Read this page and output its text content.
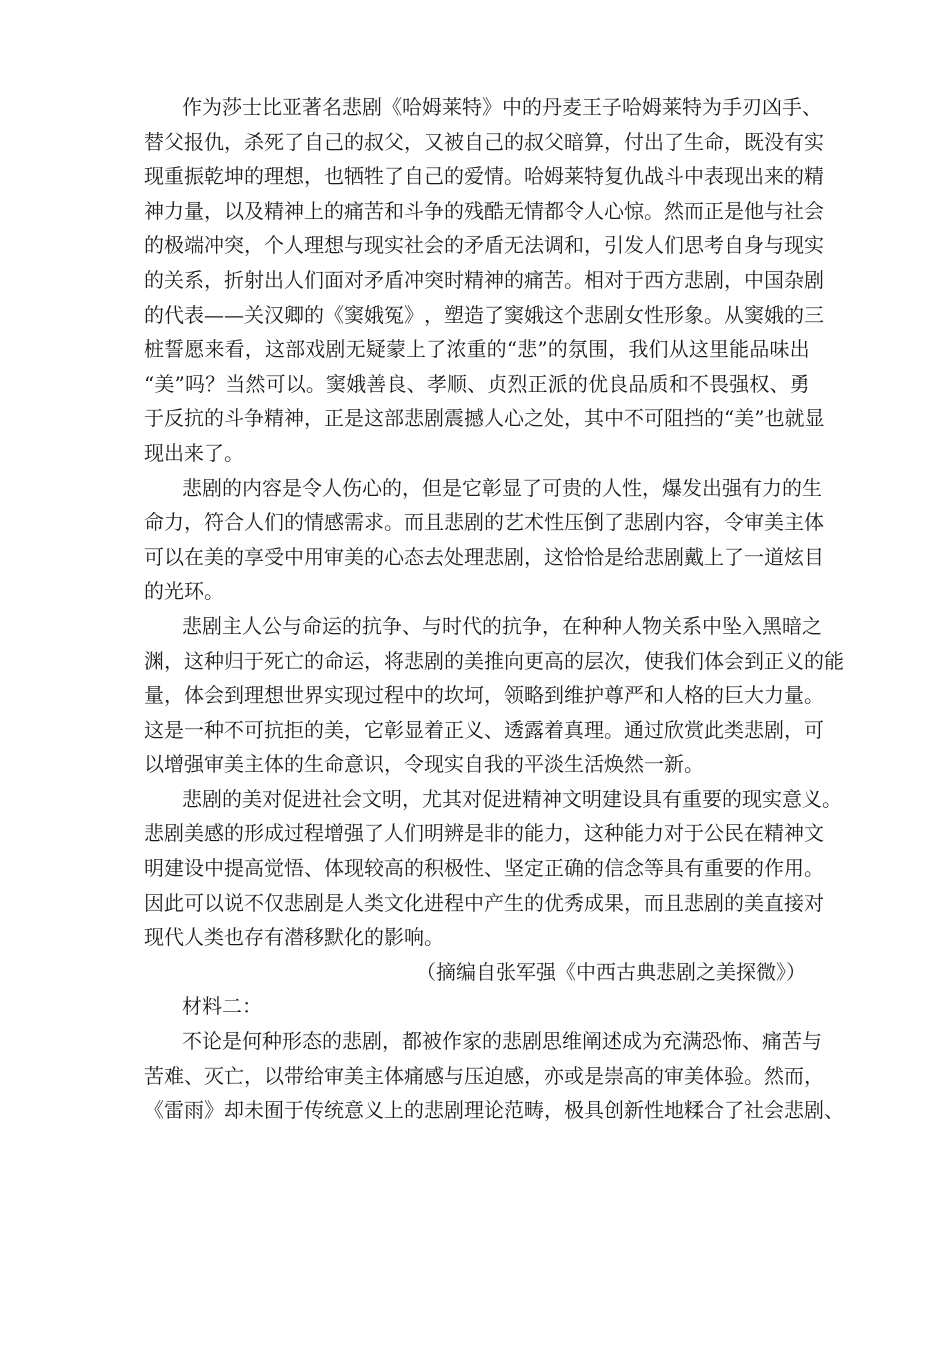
作 为 莎 士 比 亚 著 名 悲 剧 《 哈 姆 莱 特 》 中 的 丹 麦 王 子 哈 姆 莱 特 为 手 刃 凶 手 、
替 父 报 仇 ， 杀 死 了 自 己 的 叔 父 ， 又 被 自 己 的 叔 父 暗 算 ， 付 出 了 生 命 ， 既 没 有 实
现 重 振 乾 坤 的 理 想 ， 也 牺 牲 了 自 己 的 爱 情 。 哈 姆 莱 特 复 仇 战 斗 中 表 现 出 来 的 精
神 力 量 ， 以 及 精 神 上 的 痛 苦 和 斗 争 的 残 酷 无 情 都 令 人 心 惊 。 然 而 正 是 他 与 社 会
的 极 端 冲 突 ， 个 人 理 想 与 现 实 社 会 的 矛 盾 无 法 调 和 ， 引 发 人 们 思 考 自 身 与 现 实
的 关 系 ， 折 射 出 人 们 面 对 矛 盾 冲 突 时 精 神 的 痛 苦 。 相 对 于 西 方 悲 剧 ， 中 国 杂 剧
的 代 表 — — 关 汉 卿 的 《 窦 娥 冤 》 ， 塑 造 了 窦 娥 这 个 悲 剧 女 性 形 象 。 从 窦 娥 的 三
桩 誓 愿 来 看 ， 这 部 戏 剧 无 疑 蒙 上 了 浓 重 的 “ 悲 ” 的 氛 围 ， 我 们 从 这 里 能 品 味 出
“ 美 ” 吗 ？ 当 然 可 以 。 窦 娥 善 良 、 孝 顺 、 贞 烈 正 派 的 优 良 品 质 和 不 畏 强 权 、 勇
于 反 抗 的 斗 争 精 神 ， 正 是 这 部 悲 剧 震 撼 人 心 之 处 ， 其 中 不 可 阻 挡 的 “ 美 ” 也 就 显
现出来了。
悲 剧 的 内 容 是 令 人 伤 心 的 ， 但 是 它 彰 显 了 可 贵 的 人 性 ， 爆 发 出 强 有 力 的 生
命 力 ， 符 合 人 们 的 情 感 需 求 。 而 且 悲 剧 的 艺 术 性 压 倒 了 悲 剧 内 容 ， 令 审 美 主 体
可 以 在 美 的 享 受 中 用 审 美 的 心 态 去 处 理 悲 剧 ， 这 恰 恰 是 给 悲 剧 戴 上 了 一 道 炫 目
的光环。
悲 剧 主 人 公 与 命 运 的 抗 争 、 与 时 代 的 抗 争 ， 在 种 种 人 物 关 系 中 坠 入 黑 暗 之
渊 ， 这 种 归 于 死 亡 的 命 运 ， 将 悲 剧 的 美 推 向 更 高 的 层 次 ， 使 我 们 体 会 到 正 义 的 能
量 ， 体 会 到 理 想 世 界 实 现 过 程 中 的 坎 坷 ， 领 略 到 维 护 尊 严 和 人 格 的 巨 大 力 量 。
这 是 一 种 不 可 抗 拒 的 美 ， 它 彰 显 着 正 义 、 透 露 着 真 理 。 通 过 欣 赏 此 类 悲 剧 ， 可
以增强审美主体的生命意识，令现实自我的平淡生活焕然一新。
悲 剧 的 美 对 促 进 社 会 文 明 ， 尤 其 对 促 进 精 神 文 明 建 设 具 有 重 要 的 现 实 意 义 。
悲 剧 美 感 的 形 成 过 程 增 强 了 人 们 明 辨 是 非 的 能 力 ， 这 种 能 力 对 于 公 民 在 精 神 文
明 建 设 中 提 高 觉 悟 、 体 现 较 高 的 积 极 性 、 坚 定 正 确 的 信 念 等 具 有 重 要 的 作 用 。
因 此 可 以 说 不 仅 悲 剧 是 人 类 文 化 进 程 中 产 生 的 优 秀 成 果 ， 而 且 悲 剧 的 美 直 接 对
现代人类也存有潜移默化的影响。
（摘编自张军强《中西古典悲剧之美探微》）
材料二：
不 论 是 何 种 形 态 的 悲 剧 ， 都 被 作 家 的 悲 剧 思 维 阐 述 成 为 充 满 恐 怖 、 痛 苦 与
苦 难 、 灭 亡 ， 以 带 给 审 美 主 体 痛 感 与 压 迫 感 ， 亦 或 是 崇 高 的 审 美 体 验 。 然 而 ，
《 雷 雨 》 却 未 囿 于 传 统 意 义 上 的 悲 剧 理 论 范 畴 ， 极 具 创 新 性 地 糅 合 了 社 会 悲 剧 、
